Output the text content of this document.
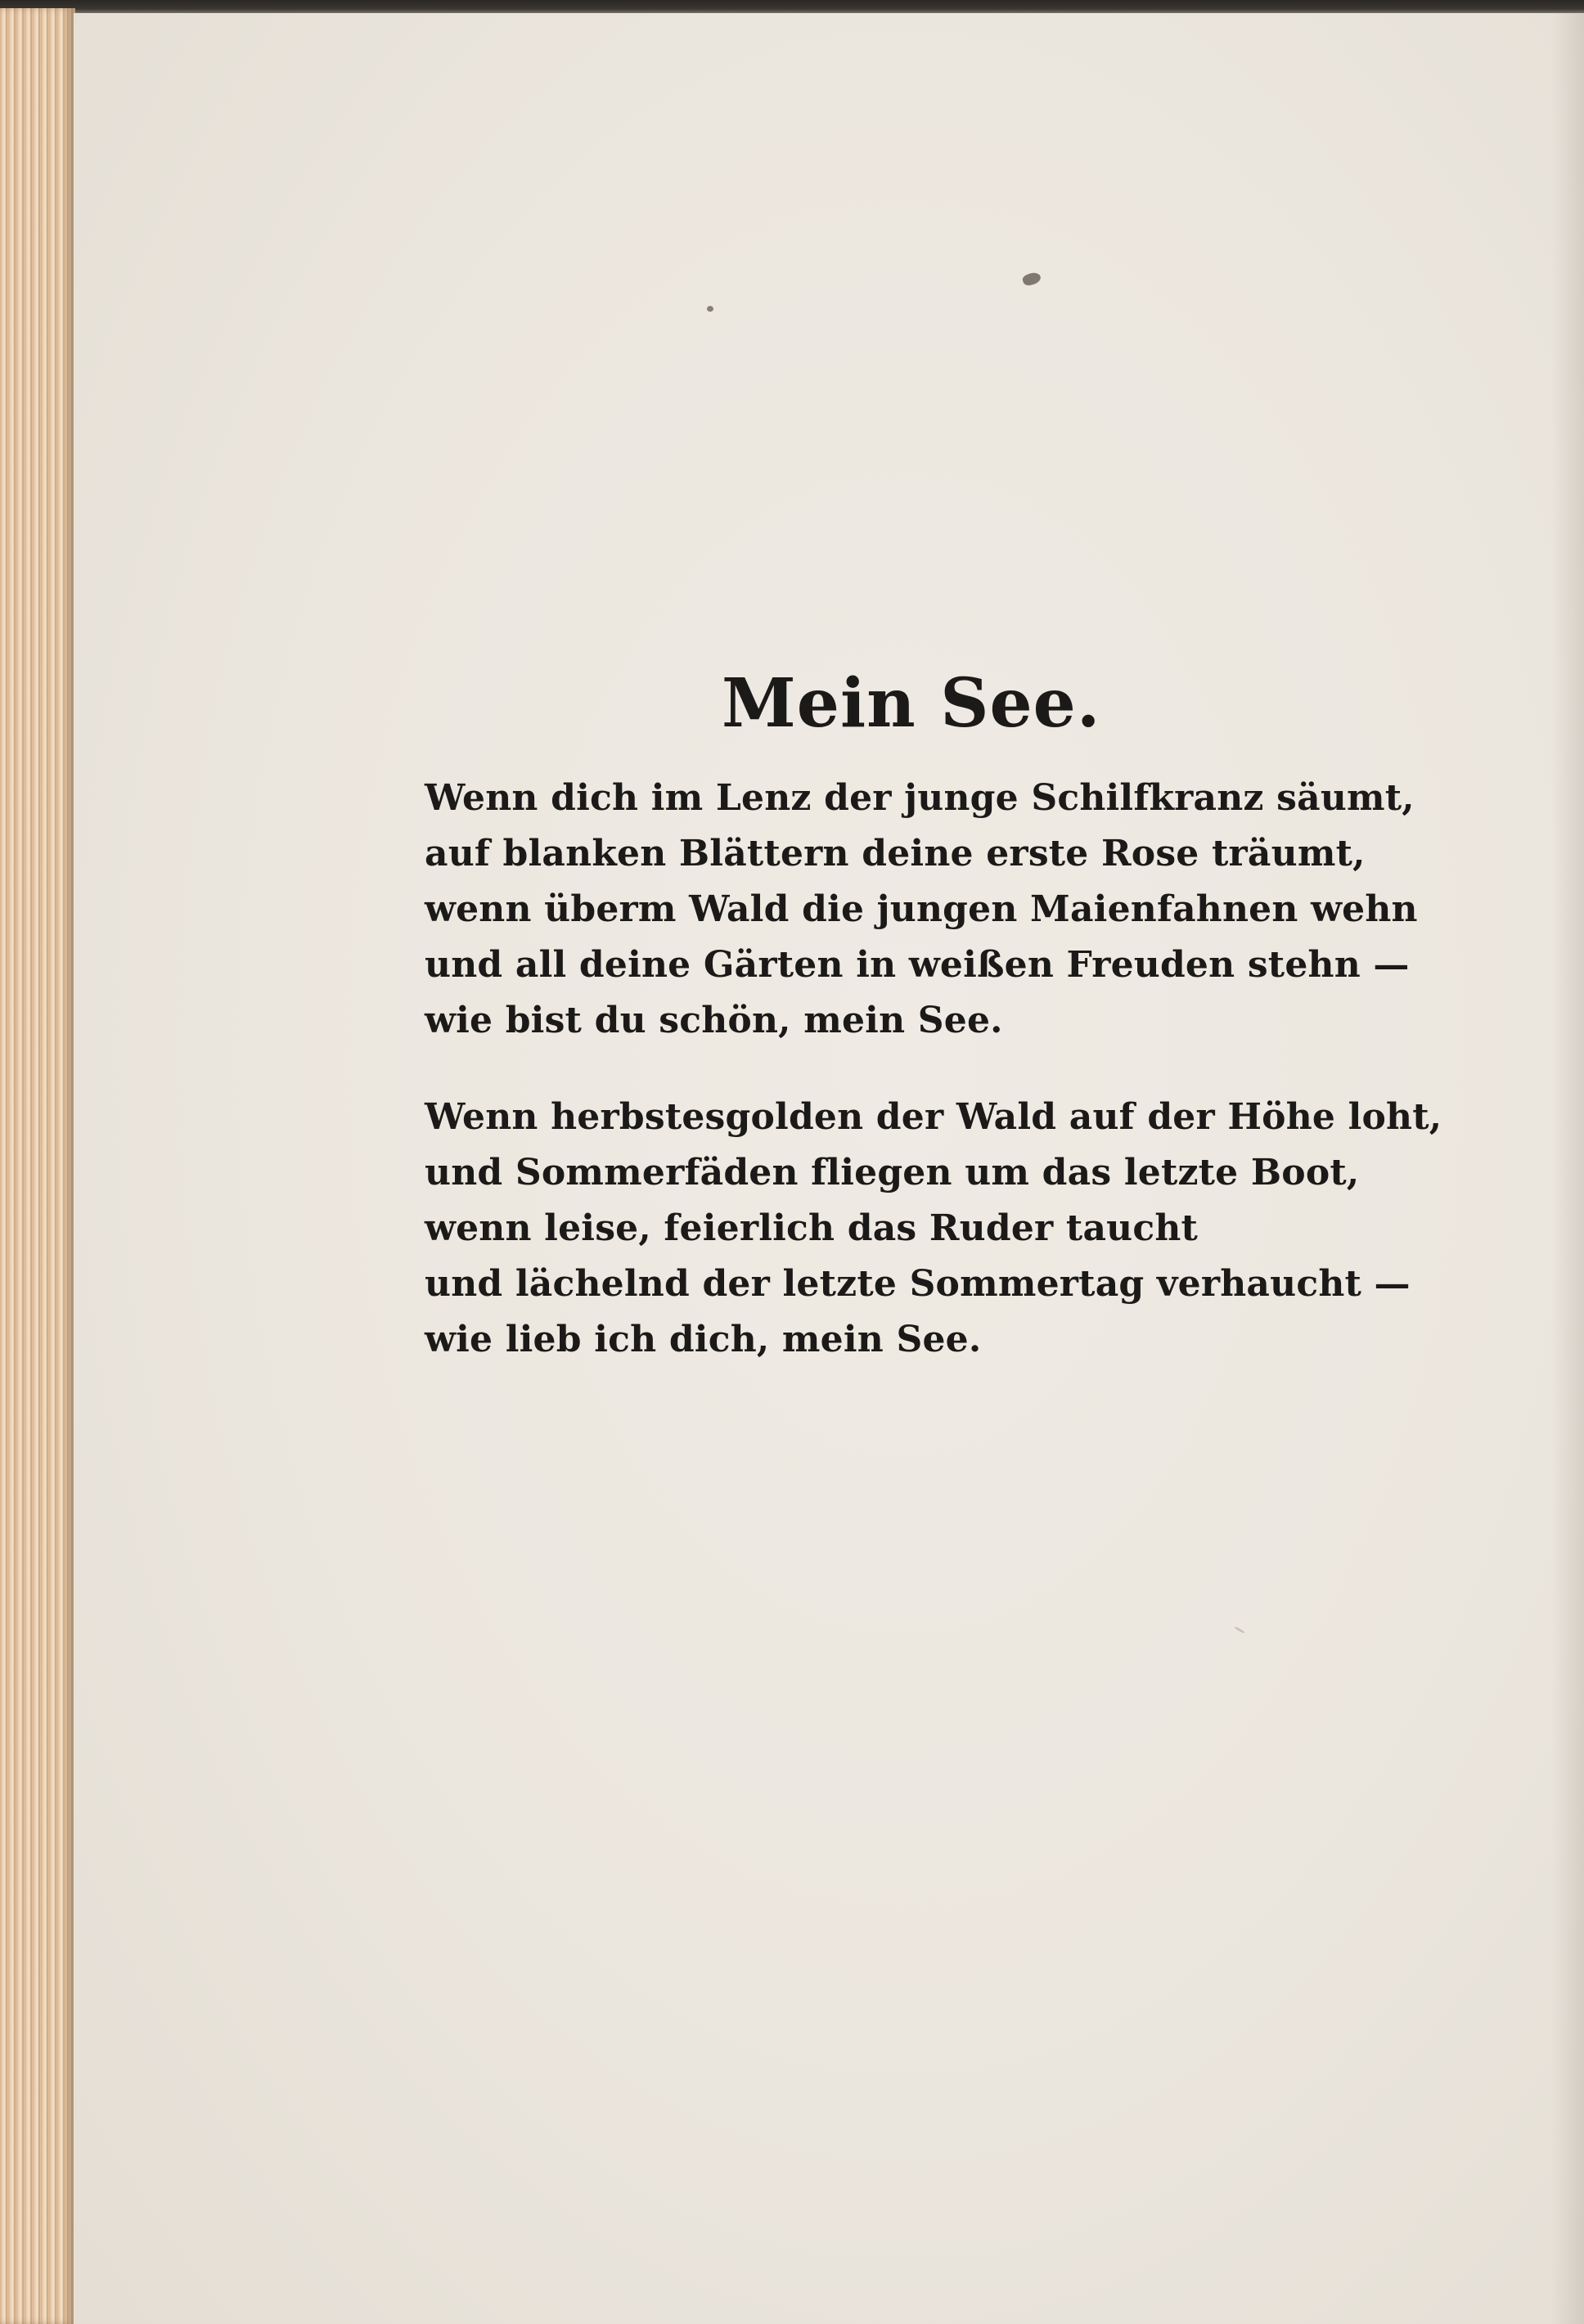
Mein See.
Wenn dich im Lenz der junge Schilfkranz säumt,
auf blanken Blättern deine erste Rose träumt,
wenn überm Wald die jungen Maienfahnen wehn
und all deine Gärten in weißen Freuden stehn —
wie bist du schön, mein See.
Wenn herbstesgolden der Wald auf der Höhe loht,
und Sommerfäden fliegen um das letzte Boot,
wenn leise, feierlich das Ruder taucht
und lächelnd der letzte Sommertag verhaucht —
wie lieb ich dich, mein See.
